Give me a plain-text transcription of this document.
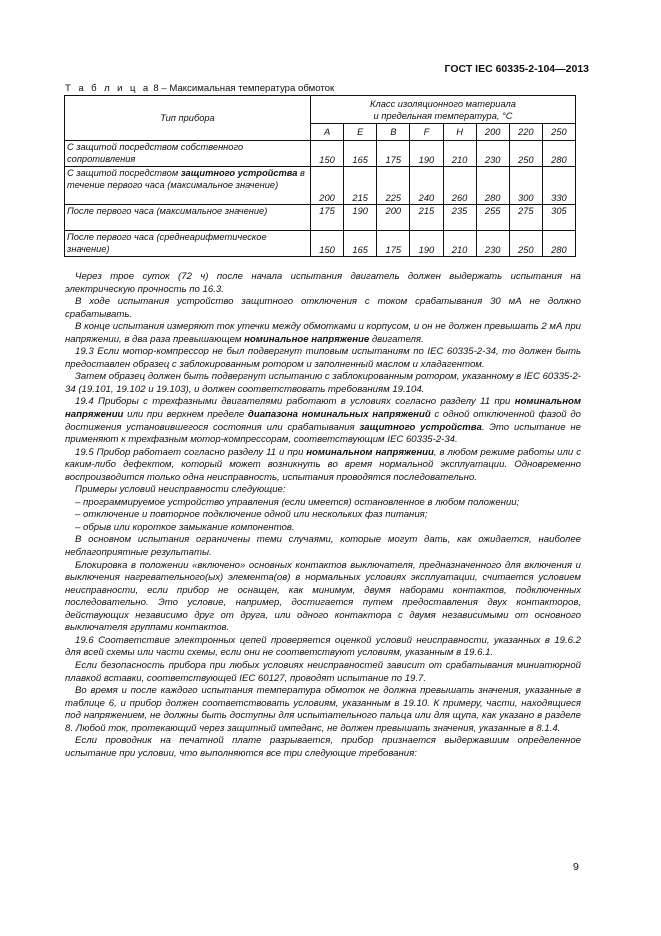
ГОСТ IEC 60335-2-104—2013
Т а б л и ц а 8 – Максимальная температура обмоток
Тип прибора	Класс изоляционного материала
и предельная температура, °C							

	A	E	B	F	H	200	220	250
С защитой посредством собственного сопротивления	150	165	175	190	210	230	250	280
С защитой посредством защитного устройства в течение первого часа (максимальное значение)	200	215	225	240	260	280	300	330
После первого часа (максимальное значение)	175	190	200	215	235	255	275	305
После первого часа (среднеарифметическое значение)	150	165	175	190	210	230	250	280

Через трое суток (72 ч) после начала испытания двигатель должен выдержать испытания на электрическую прочность по 16.3.

В ходе испытания устройство защитного отключения с током срабатывания 30 мА не должно срабатывать.

В конце испытания измеряют ток утечки между обмотками и корпусом, и он не должен превышать 2 мА при напряжении, в два раза превышающем номинальное напряжение двигателя.

19.3 Если мотор-компрессор не был подвергнут типовым испытаниям по IEC 60335-2-34, то должен быть предоставлен образец с заблокированным ротором и заполненный маслом и хладагентом.

Затем образец должен быть подвергнут испытанию с заблокированным ротором, указанному в IEC 60335-2-34 (19.101, 19.102 и 19.103), и должен соответствовать требованиям 19.104.

19.4 Приборы с трехфазными двигателями работают в условиях согласно разделу 11 при номинальном напряжении или при верхнем пределе диапазона номинальных напряжений с одной отключенной фазой до достижения установившегося состояния или срабатывания защитного устройства. Это испытание не применяют к трехфазным мотор-компрессорам, соответствующим IEC 60335-2-34.

19.5 Прибор работает согласно разделу 11 и при номинальном напряжении, в любом режиме работы или с каким-либо дефектом, который может возникнуть во время нормальной эксплуатации. Одновременно воспроизводится только одна неисправность, испытания проводятся последовательно.

Примеры условий неисправности следующие:

– программируемое устройство управления (если имеется) остановленное в любом положении;

– отключение и повторное подключение одной или нескольких фаз питания;

– обрыв или короткое замыкание компонентов.

В основном испытания ограничены теми случаями, которые могут дать, как ожидается, наиболее неблагоприятные результаты.

Блокировка в положении «включено» основных контактов выключателя, предназначенного для включения и выключения нагревательного(ых) элемента(ов) в нормальных условиях эксплуатации, считается условием неисправности, если прибор не оснащен, как минимум, двумя наборами контактов, подключенных последовательно. Это условие, например, достигается путем предоставления двух контакторов, действующих независимо друг от друга, или одного контактора с двумя независимыми от основного выключателя группами контактов.

19.6 Соответствие электронных цепей проверяется оценкой условий неисправности, указанных в 19.6.2 для всей схемы или части схемы, если они не соответствуют условиям, указанным в 19.6.1.

Если безопасность прибора при любых условиях неисправностей зависит от срабатывания миниатюрной плавкой вставки, соответствующей IEC 60127, проводят испытание по 19.7.

Во время и после каждого испытания температура обмоток не должна превышать значения, указанные в таблице 6, и прибор должен соответствовать условиям, указанным в 19.10. К примеру, части, находящиеся под напряжением, не должны быть доступны для испытательного пальца или для щупа, как указано в разделе 8. Любой ток, протекающий через защитный импеданс, не должен превышать значения, указанные в 8.1.4.

Если проводник на печатной плате разрывается, прибор признается выдержавшим определенное испытание при условии, что выполняются все три следующие требования:

9
